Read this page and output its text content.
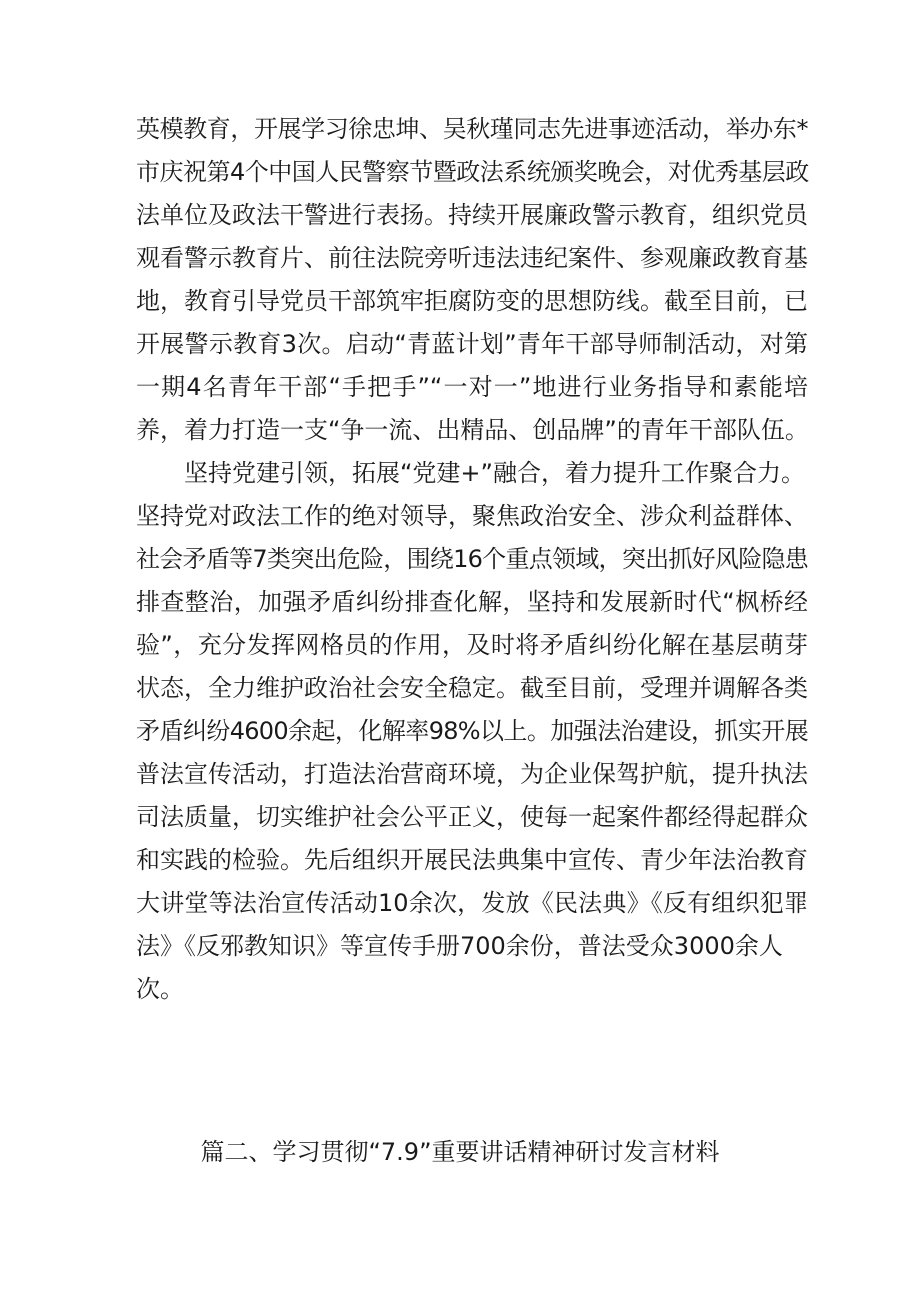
英模教育，开展学习徐忠坤、吴秋瑾同志先进事迹活动，举办东*
市庆祝第4个中国人民警察节暨政法系统颁奖晚会，对优秀基层政
法单位及政法干警进行表扬。持续开展廉政警示教育，组织党员
观看警示教育片、前往法院旁听违法违纪案件、参观廉政教育基
地，教育引导党员干部筑牢拒腐防变的思想防线。截至目前，已
开展警示教育3次。启动“青蓝计划”青年干部导师制活动，对第
一期4名青年干部“手把手”“一对一”地进行业务指导和素能培
养，着力打造一支“争一流、出精品、创品牌”的青年干部队伍。
坚持党建引领，拓展“党建+”融合，着力提升工作聚合力。
坚持党对政法工作的绝对领导，聚焦政治安全、涉众利益群体、
社会矛盾等7类突出危险，围绕16个重点领域，突出抓好风险隐患
排查整治，加强矛盾纠纷排查化解，坚持和发展新时代“枫桥经
验”，充分发挥网格员的作用，及时将矛盾纠纷化解在基层萌芽
状态，全力维护政治社会安全稳定。截至目前，受理并调解各类
矛盾纠纷4600余起，化解率98%以上。加强法治建设，抓实开展
普法宣传活动，打造法治营商环境，为企业保驾护航，提升执法
司法质量，切实维护社会公平正义，使每一起案件都经得起群众
和实践的检验。先后组织开展民法典集中宣传、青少年法治教育
大讲堂等法治宣传活动10余次，发放《民法典》《反有组织犯罪
法》《反邪教知识》等宣传手册700余份，普法受众3000余人
次。
篇二、学习贯彻“7.9”重要讲话精神研讨发言材料
